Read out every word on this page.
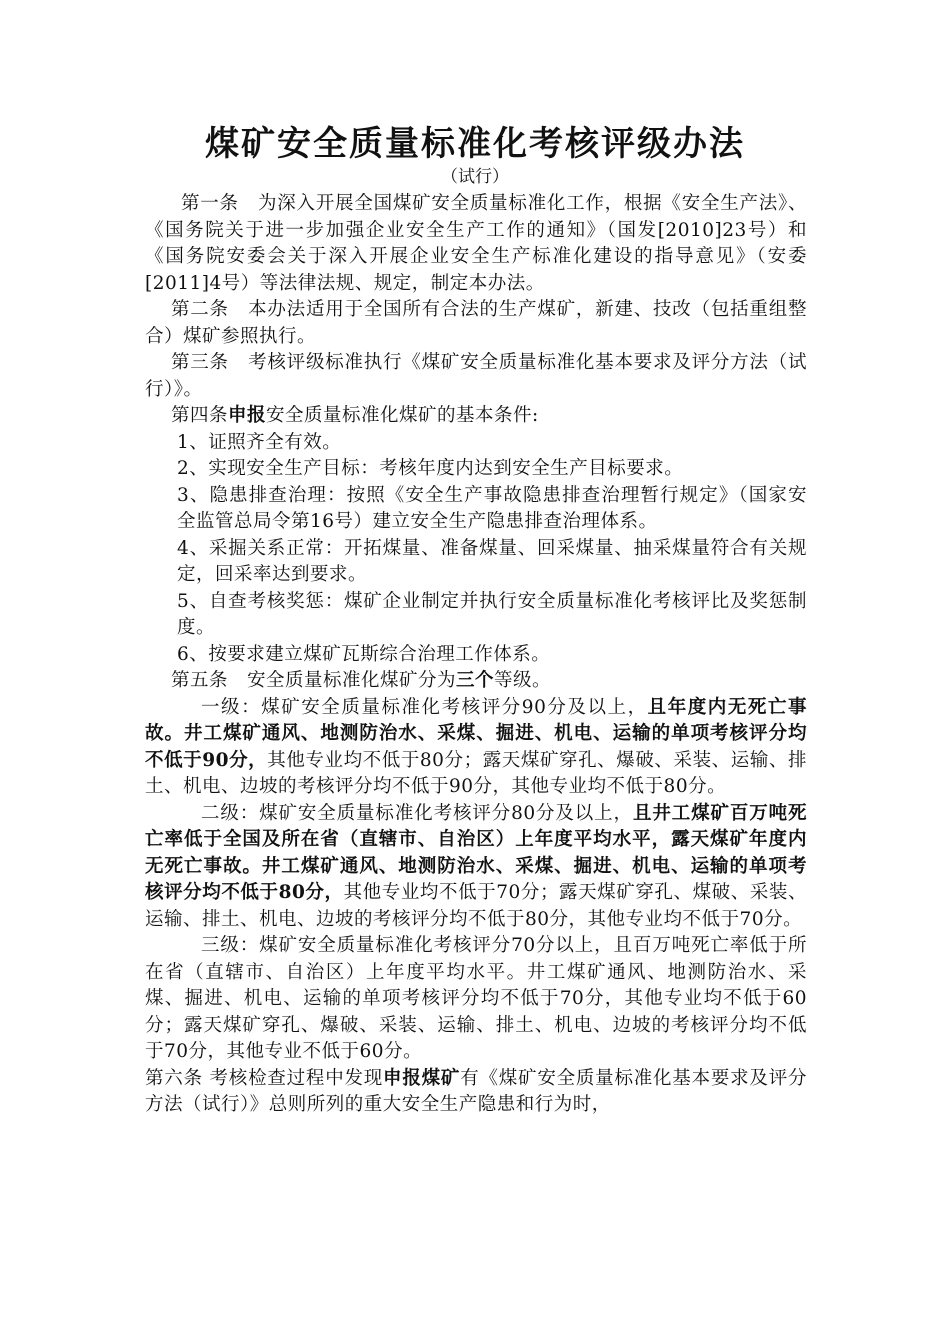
煤矿安全质量标准化考核评级办法
（试行）

第一条　为深入开展全国煤矿安全质量标准化工作，根据《安全生产法》、《国务院关于进一步加强企业安全生产工作的通知》（国发[2010]23号）和《国务院安委会关于深入开展企业安全生产标准化建设的指导意见》（安委[2011]4号）等法律法规、规定，制定本办法。

第二条　本办法适用于全国所有合法的生产煤矿，新建、技改（包括重组整合）煤矿参照执行。

第三条　考核评级标准执行《煤矿安全质量标准化基本要求及评分方法（试行）》。

第四条申报安全质量标准化煤矿的基本条件:

1、证照齐全有效。

2、实现安全生产目标：考核年度内达到安全生产目标要求。

3、隐患排查治理：按照《安全生产事故隐患排查治理暂行规定》（国家安全监管总局令第16号）建立安全生产隐患排查治理体系。

4、采掘关系正常：开拓煤量、准备煤量、回采煤量、抽采煤量符合有关规定，回采率达到要求。

5、自查考核奖惩：煤矿企业制定并执行安全质量标准化考核评比及奖惩制度。

6、按要求建立煤矿瓦斯综合治理工作体系。

第五条　安全质量标准化煤矿分为三个等级。

一级：煤矿安全质量标准化考核评分90分及以上，且年度内无死亡事故。井工煤矿通风、地测防治水、采煤、掘进、机电、运输的单项考核评分均不低于90分，其他专业均不低于80分；露天煤矿穿孔、爆破、采装、运输、排土、机电、边坡的考核评分均不低于90分，其他专业均不低于80分。

二级：煤矿安全质量标准化考核评分80分及以上，且井工煤矿百万吨死亡率低于全国及所在省（直辖市、自治区）上年度平均水平，露天煤矿年度内无死亡事故。井工煤矿通风、地测防治水、采煤、掘进、机电、运输的单项考核评分均不低于80分，其他专业均不低于70分；露天煤矿穿孔、煤破、采装、运输、排土、机电、边坡的考核评分均不低于80分，其他专业均不低于70分。

三级：煤矿安全质量标准化考核评分70分以上，且百万吨死亡率低于所在省（直辖市、自治区）上年度平均水平。井工煤矿通风、地测防治水、采煤、掘进、机电、运输的单项考核评分均不低于70分，其他专业均不低于60分；露天煤矿穿孔、爆破、采装、运输、排土、机电、边坡的考核评分均不低于70分，其他专业不低于60分。

第六条 考核检查过程中发现申报煤矿有《煤矿安全质量标准化基本要求及评分方法（试行）》总则所列的重大安全生产隐患和行为时，
